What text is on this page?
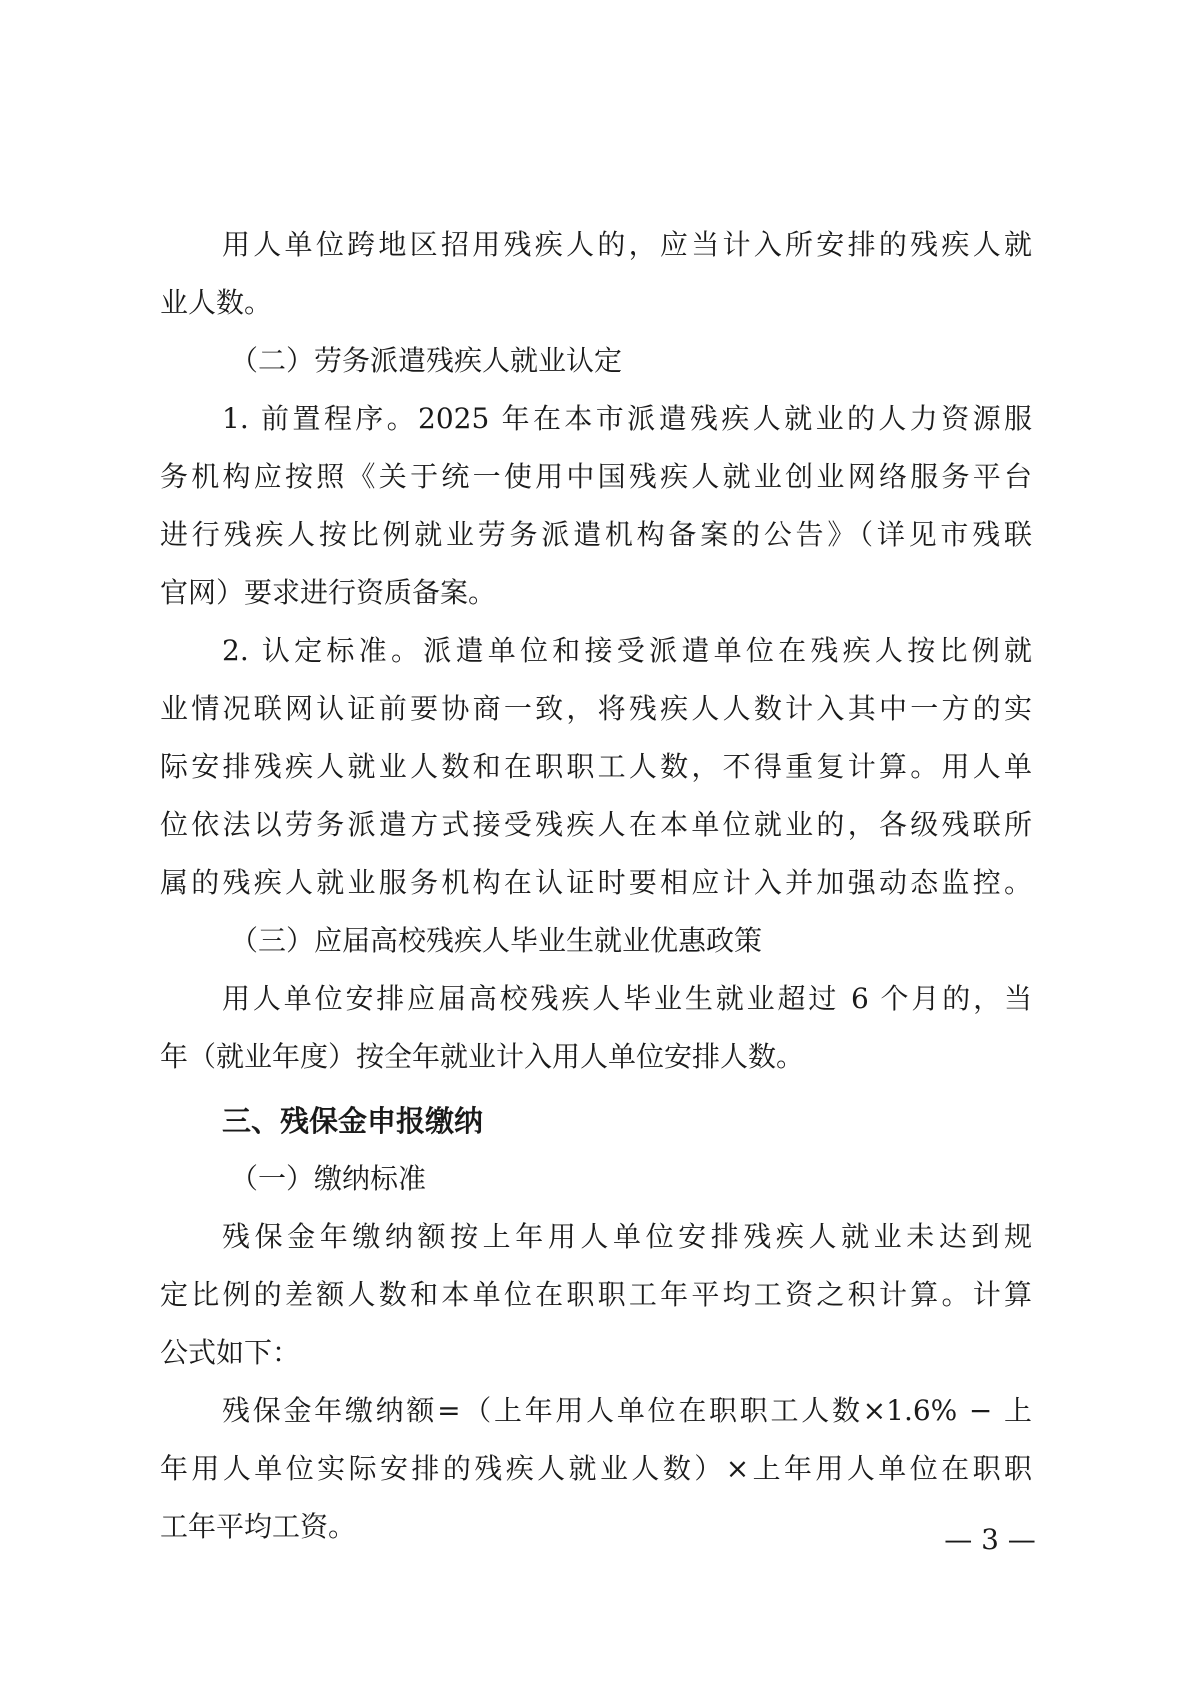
用人单位跨地区招用残疾人的，应当计入所安排的残疾人就
业人数。
（二）劳务派遣残疾人就业认定
1. 前置程序。2025 年在本市派遣残疾人就业的人力资源服
务机构应按照《关于统一使用中国残疾人就业创业网络服务平台
进行残疾人按比例就业劳务派遣机构备案的公告》（详见市残联
官网）要求进行资质备案。
2. 认定标准。派遣单位和接受派遣单位在残疾人按比例就
业情况联网认证前要协商一致，将残疾人人数计入其中一方的实
际安排残疾人就业人数和在职职工人数，不得重复计算。用人单
位依法以劳务派遣方式接受残疾人在本单位就业的，各级残联所
属的残疾人就业服务机构在认证时要相应计入并加强动态监控。
（三）应届高校残疾人毕业生就业优惠政策
用人单位安排应届高校残疾人毕业生就业超过 6 个月的，当
年（就业年度）按全年就业计入用人单位安排人数。
三、残保金申报缴纳
（一）缴纳标准
残保金年缴纳额按上年用人单位安排残疾人就业未达到规
定比例的差额人数和本单位在职职工年平均工资之积计算。计算
公式如下：
残保金年缴纳额=（上年用人单位在职职工人数×1.6% − 上
年用人单位实际安排的残疾人就业人数）×上年用人单位在职职
工年平均工资。	— 3 —
